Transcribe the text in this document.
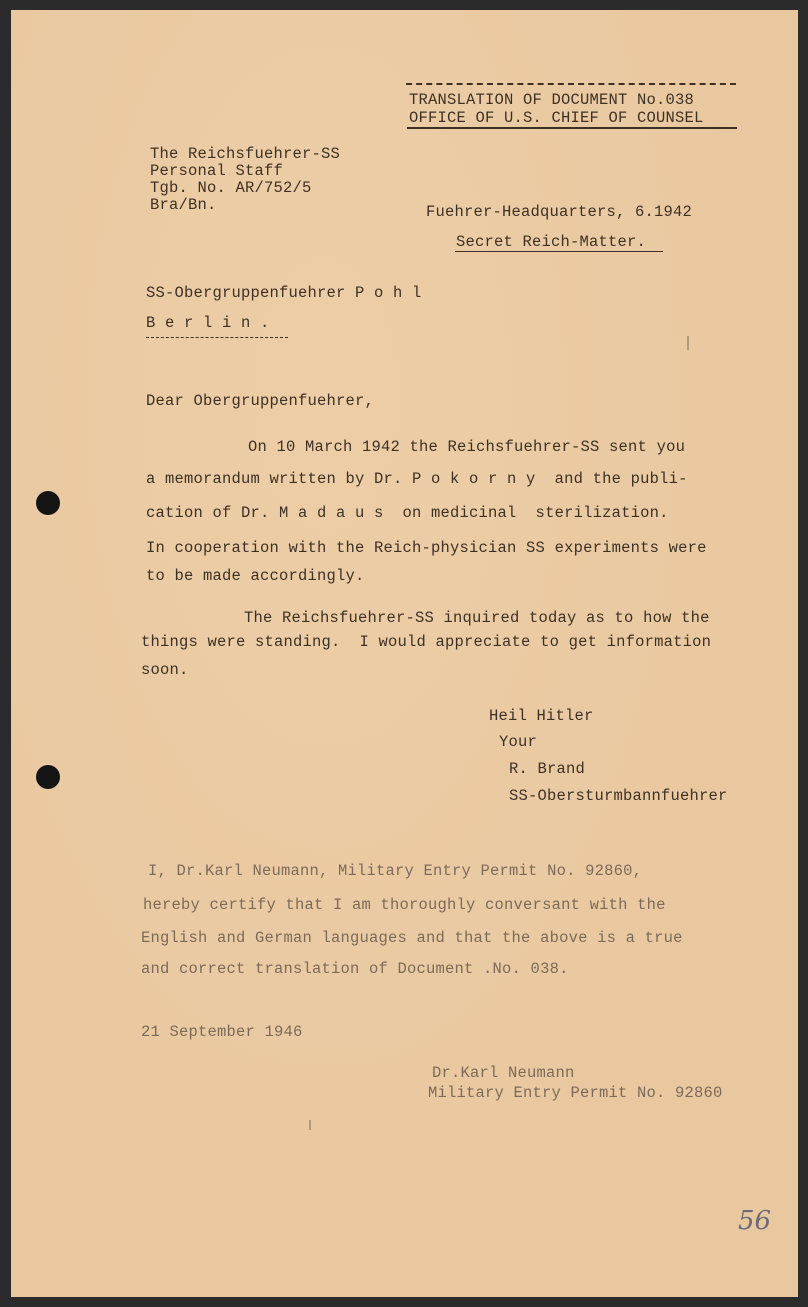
TRANSLATION OF DOCUMENT No.038
OFFICE OF U.S. CHIEF OF COUNSEL
The Reichsfuehrer-SS
Personal Staff
Tgb. No. AR/752/5
Bra/Bn.	Fuehrer-Headquarters, 6.1942
Secret Reich-Matter.
SS-Obergruppenfuehrer P o h l
B e r l i n .
Dear Obergruppenfuehrer,
On 10 March 1942 the Reichsfuehrer-SS sent you
a memorandum written by Dr. P o k o r n y  and the publi-
cation of Dr. M a d a u s  on medicinal  sterilization.
In cooperation with the Reich-physician SS experiments were
to be made accordingly.
The Reichsfuehrer-SS inquired today as to how the
things were standing.  I would appreciate to get information
soon.
Heil Hitler
Your
R. Brand
SS-Obersturmbannfuehrer
I, Dr.Karl Neumann, Military Entry Permit No. 92860,
hereby certify that I am thoroughly conversant with the
English and German languages and that the above is a true
and correct translation of Document .No. 038.
21 September 1946
Dr.Karl Neumann
Military Entry Permit No. 92860
56
